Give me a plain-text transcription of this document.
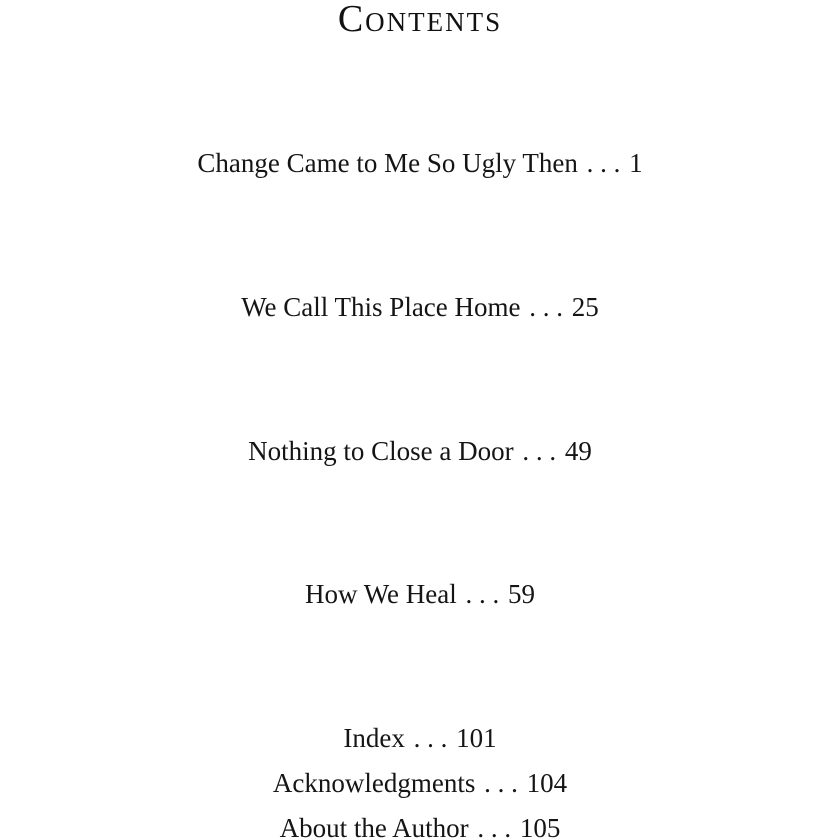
Contents
Change Came to Me So Ugly Then . . . 1
We Call This Place Home . . . 25
Nothing to Close a Door . . . 49
How We Heal . . . 59
Index . . . 101
Acknowledgments . . . 104
About the Author . . . 105
